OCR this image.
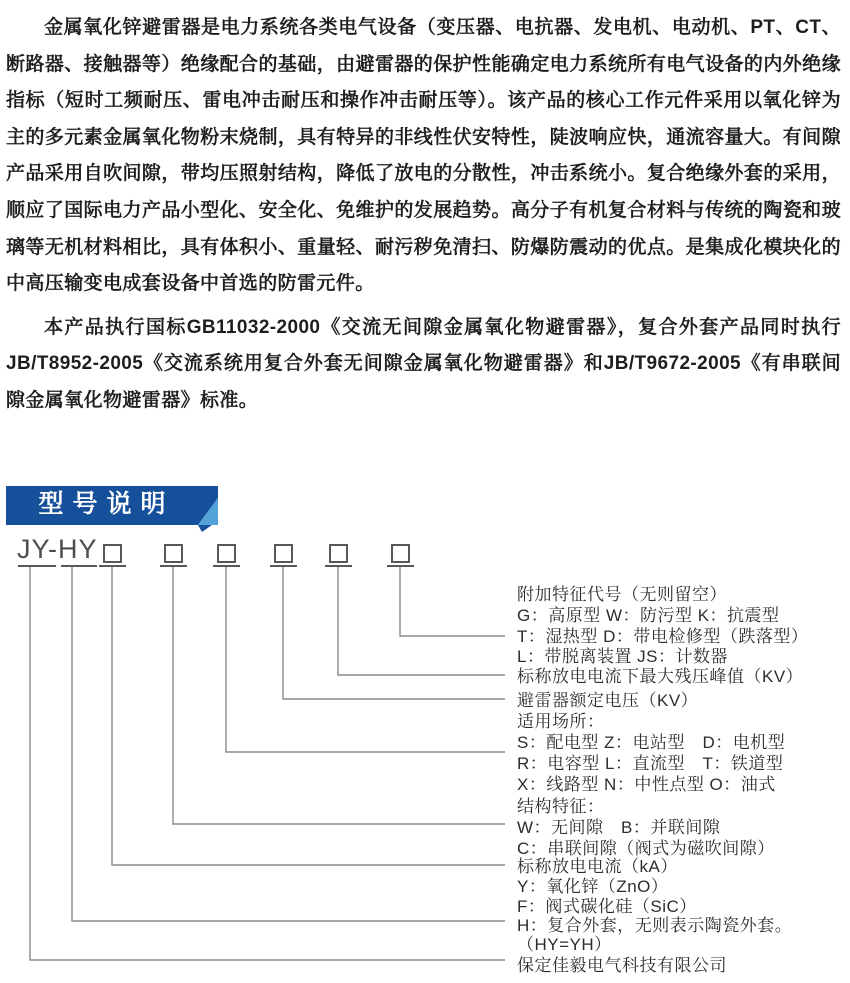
金属氧化锌避雷器是电力系统各类电气设备（变压器、电抗器、发电机、电动机、PT、CT、断路器、接触器等）绝缘配合的基础，由避雷器的保护性能确定电力系统所有电气设备的内外绝缘指标（短时工频耐压、雷电冲击耐压和操作冲击耐压等）。该产品的核心工作元件采用以氧化锌为主的多元素金属氧化物粉末烧制，具有特异的非线性伏安特性，陡波响应快，通流容量大。有间隙产品采用自吹间隙，带均压照射结构，降低了放电的分散性，冲击系统小。复合绝缘外套的采用，顺应了国际电力产品小型化、安全化、免维护的发展趋势。高分子有机复合材料与传统的陶瓷和玻璃等无机材料相比，具有体积小、重量轻、耐污秽免清扫、防爆防震动的优点。是集成化模块化的中高压输变电成套设备中首选的防雷元件。

本产品执行国标GB11032-2000《交流无间隙金属氧化物避雷器》，复合外套产品同时执行JB/T8952-2005《交流系统用复合外套无间隙金属氧化物避雷器》和JB/T9672-2005《有串联间隙金属氧化物避雷器》标准。

型号说明
JY-HY
附加特征代号（无则留空）
G：高原型 W：防污型 K：抗震型
T：湿热型 D：带电检修型（跌落型）
L：带脱离装置 JS：计数器
标称放电电流下最大残压峰值（KV）
避雷器额定电压（KV）
适用场所：
S：配电型 Z：电站型　D：电机型
R：电容型 L：直流型　T：铁道型
X：线路型 N：中性点型 O：油式
结构特征：
W：无间隙　B：并联间隙
C：串联间隙（阀式为磁吹间隙）
标称放电电流（kA）
Y：氧化锌（ZnO）
F：阀式碳化硅（SiC）
H：复合外套，无则表示陶瓷外套。
（HY=YH）
保定佳毅电气科技有限公司
